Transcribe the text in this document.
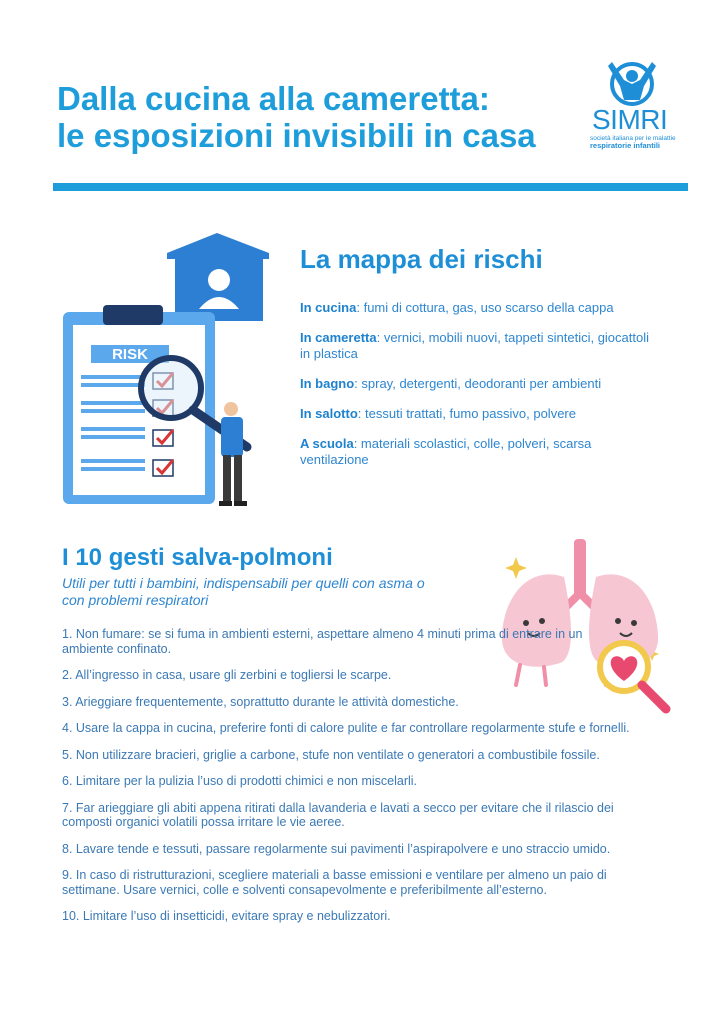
Dalla cucina alla cameretta:
le esposizioni invisibili in casa SIMRI
società italiana per le malattie
respiratorie infantili
RISK
La mappa dei rischi
In cucina: fumi di cottura, gas, uso scarso della cappa
In cameretta: vernici, mobili nuovi, tappeti sintetici, giocattoli in plastica
In bagno: spray, detergenti, deodoranti per ambienti
In salotto: tessuti trattati, fumo passivo, polvere
A scuola: materiali scolastici, colle, polveri, scarsa ventilazione
I 10 gesti salva-polmoni
Utili per tutti i bambini, indispensabili per quelli con asma o con problemi respiratori
1. Non fumare: se si fuma in ambienti esterni, aspettare almeno 4 minuti prima di entrare in un ambiente confinato.
2. All’ingresso in casa, usare gli zerbini e togliersi le scarpe.
3. Arieggiare frequentemente, soprattutto durante le attività domestiche.
4. Usare la cappa in cucina, preferire fonti di calore pulite e far controllare regolarmente stufe e fornelli.
5. Non utilizzare bracieri, griglie a carbone, stufe non ventilate o generatori a combustibile fossile.
6. Limitare per la pulizia l’uso di prodotti chimici e non miscelarli.
7. Far arieggiare gli abiti appena ritirati dalla lavanderia e lavati a secco per evitare che il rilascio dei composti organici volatili possa irritare le vie aeree.
8. Lavare tende e tessuti, passare regolarmente sui pavimenti l’aspirapolvere e uno straccio umido.
9. In caso di ristrutturazioni, scegliere materiali a basse emissioni e ventilare per almeno un paio di settimane. Usare vernici, colle e solventi consapevolmente e preferibilmente all’esterno.
10. Limitare l’uso di insetticidi, evitare spray e nebulizzatori.
